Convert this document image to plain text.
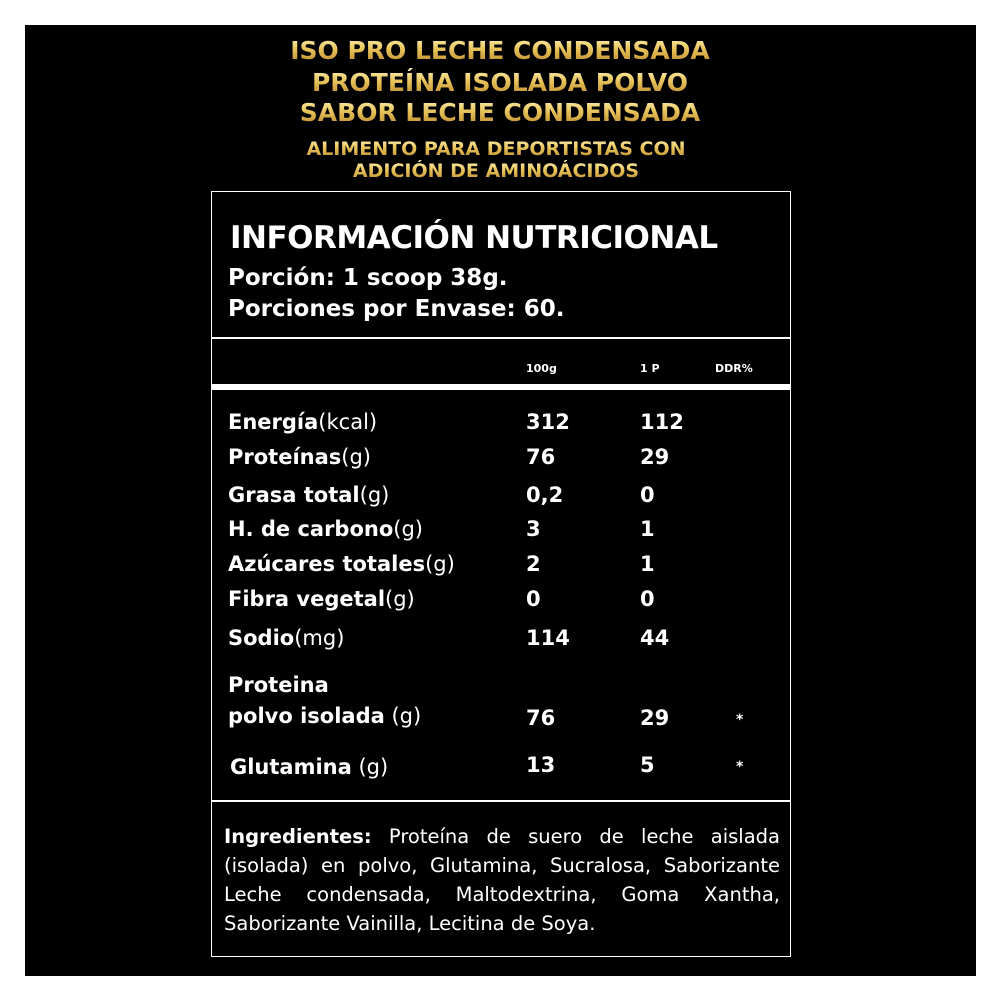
ISO PRO LECHE CONDENSADA
PROTEÍNA ISOLADA POLVO
SABOR LECHE CONDENSADA
ALIMENTO PARA DEPORTISTAS CON
ADICIÓN DE AMINOÁCIDOS
INFORMACIÓN NUTRICIONAL
Porción: 1 scoop 38g.
Porciones por Envase: 60.
100g	1 P	DDR%
Energía(kcal)	312	112
Proteínas(g)	76	29
Grasa total(g)	0,2	0
H. de carbono(g)	3	1
Azúcares totales(g)	2	1
Fibra vegetal(g)	0	0
Sodio(mg)	114	44
Proteina
polvo isolada (g)	76	29	*
Glutamina (g)	13	5	*
Ingredientes: Proteína de suero de leche aislada (isolada) en polvo, Glutamina, Sucralosa, Saborizante Leche condensada, Maltodextrina, Goma Xantha, Saborizante Vainilla, Lecitina de Soya.
